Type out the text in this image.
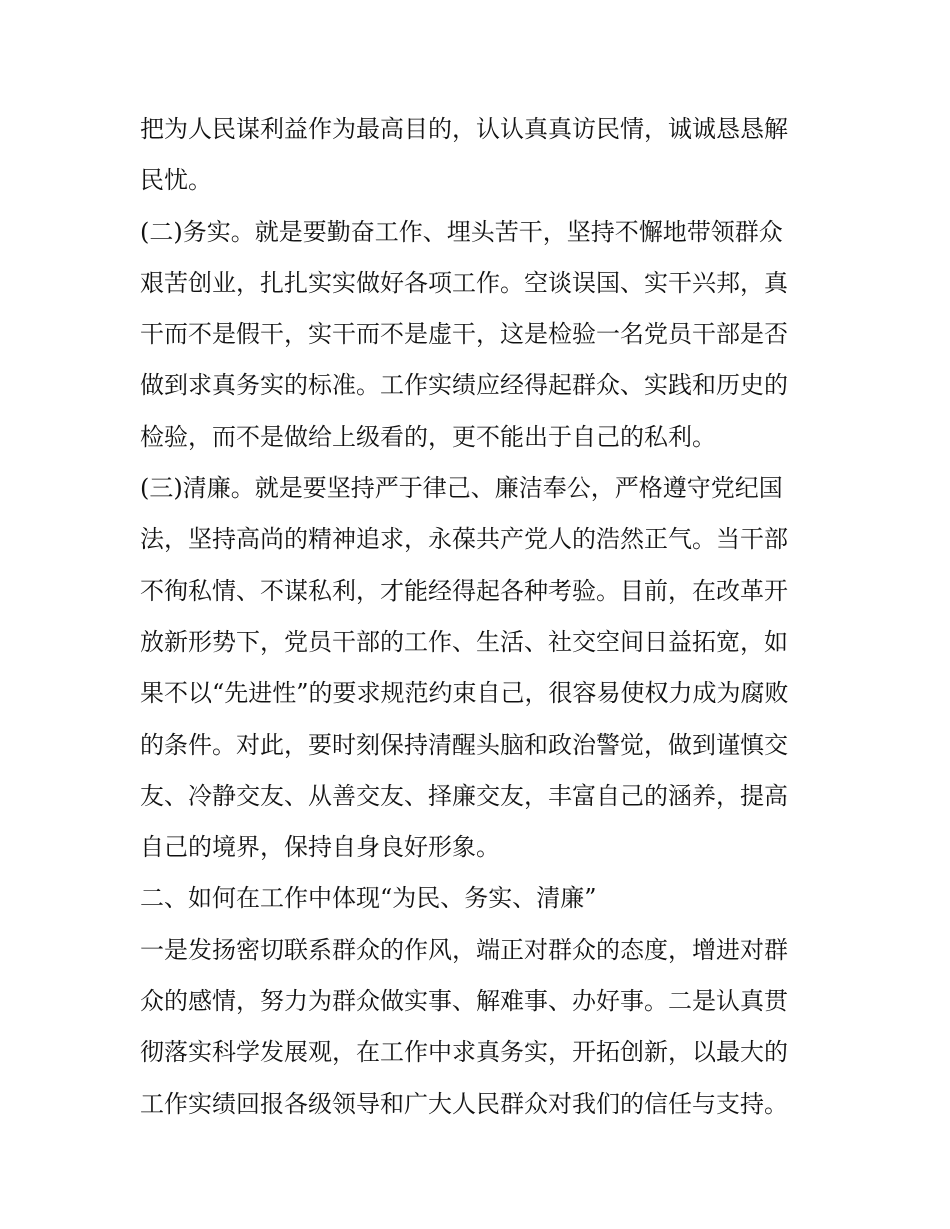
把为人民谋利益作为最高目的，认认真真访民情，诚诚恳恳解
民忧。
(二)务实。就是要勤奋工作、埋头苦干，坚持不懈地带领群众
艰苦创业，扎扎实实做好各项工作。空谈误国、实干兴邦，真
干而不是假干，实干而不是虚干，这是检验一名党员干部是否
做到求真务实的标准。工作实绩应经得起群众、实践和历史的
检验，而不是做给上级看的，更不能出于自己的私利。
(三)清廉。就是要坚持严于律己、廉洁奉公，严格遵守党纪国
法，坚持高尚的精神追求，永葆共产党人的浩然正气。当干部
不徇私情、不谋私利，才能经得起各种考验。目前，在改革开
放新形势下，党员干部的工作、生活、社交空间日益拓宽，如
果不以“先进性”的要求规范约束自己，很容易使权力成为腐败
的条件。对此，要时刻保持清醒头脑和政治警觉，做到谨慎交
友、冷静交友、从善交友、择廉交友，丰富自己的涵养，提高
自己的境界，保持自身良好形象。
二、如何在工作中体现“为民、务实、清廉”
一是发扬密切联系群众的作风，端正对群众的态度，增进对群
众的感情，努力为群众做实事、解难事、办好事。二是认真贯
彻落实科学发展观，在工作中求真务实，开拓创新，以最大的
工作实绩回报各级领导和广大人民群众对我们的信任与支持。
